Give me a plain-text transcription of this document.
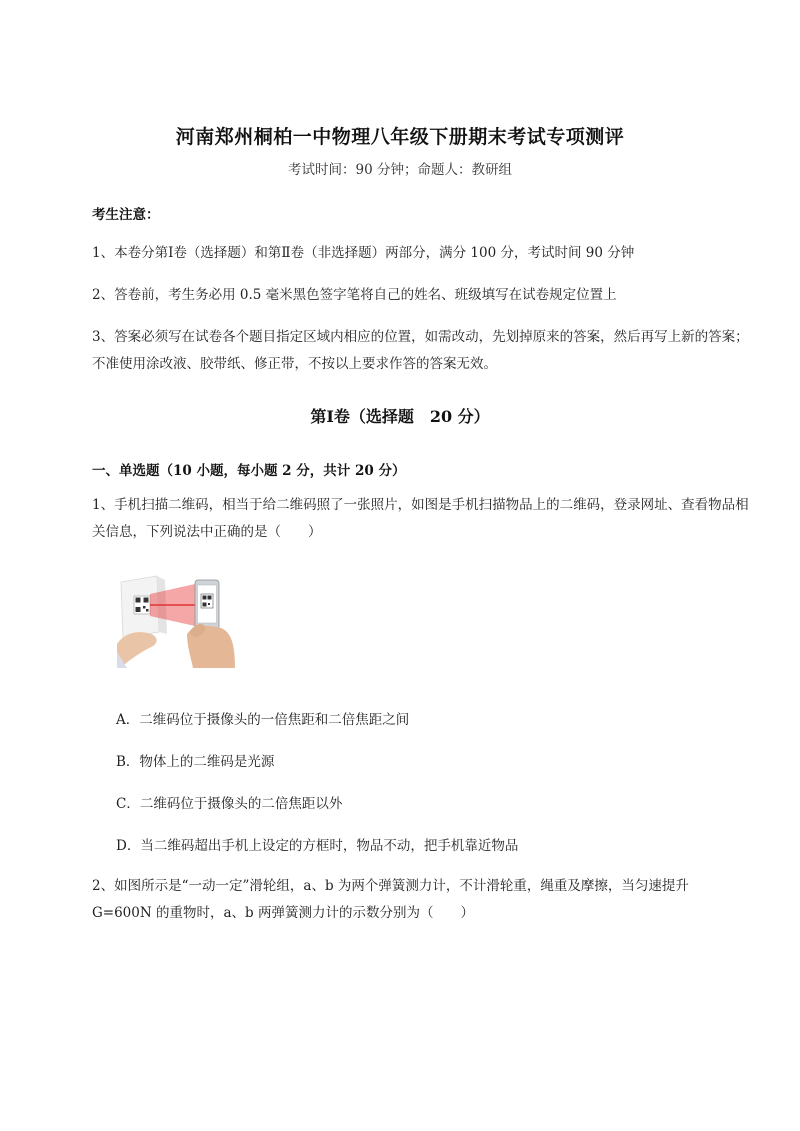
河南郑州桐柏一中物理八年级下册期末考试专项测评
考试时间：90 分钟；命题人：教研组
考生注意：
1、本卷分第Ⅰ卷（选择题）和第Ⅱ卷（非选择题）两部分，满分 100 分，考试时间 90 分钟
2、答卷前，考生务必用 0.5 毫米黑色签字笔将自己的姓名、班级填写在试卷规定位置上
3、答案必须写在试卷各个题目指定区域内相应的位置，如需改动，先划掉原来的答案，然后再写上新的答案；不准使用涂改液、胶带纸、修正带，不按以上要求作答的答案无效。
第Ⅰ卷（选择题　20 分）
一、单选题（10 小题，每小题 2 分，共计 20 分）
1、手机扫描二维码，相当于给二维码照了一张照片，如图是手机扫描物品上的二维码，登录网址、查看物品相关信息，下列说法中正确的是（　　）
A．二维码位于摄像头的一倍焦距和二倍焦距之间
B．物体上的二维码是光源
C．二维码位于摄像头的二倍焦距以外
D．当二维码超出手机上设定的方框时，物品不动，把手机靠近物品
2、如图所示是“一动一定”滑轮组，a、b 为两个弹簧测力计，不计滑轮重，绳重及摩擦，当匀速提升 G=600N 的重物时，a、b 两弹簧测力计的示数分别为（　　）
